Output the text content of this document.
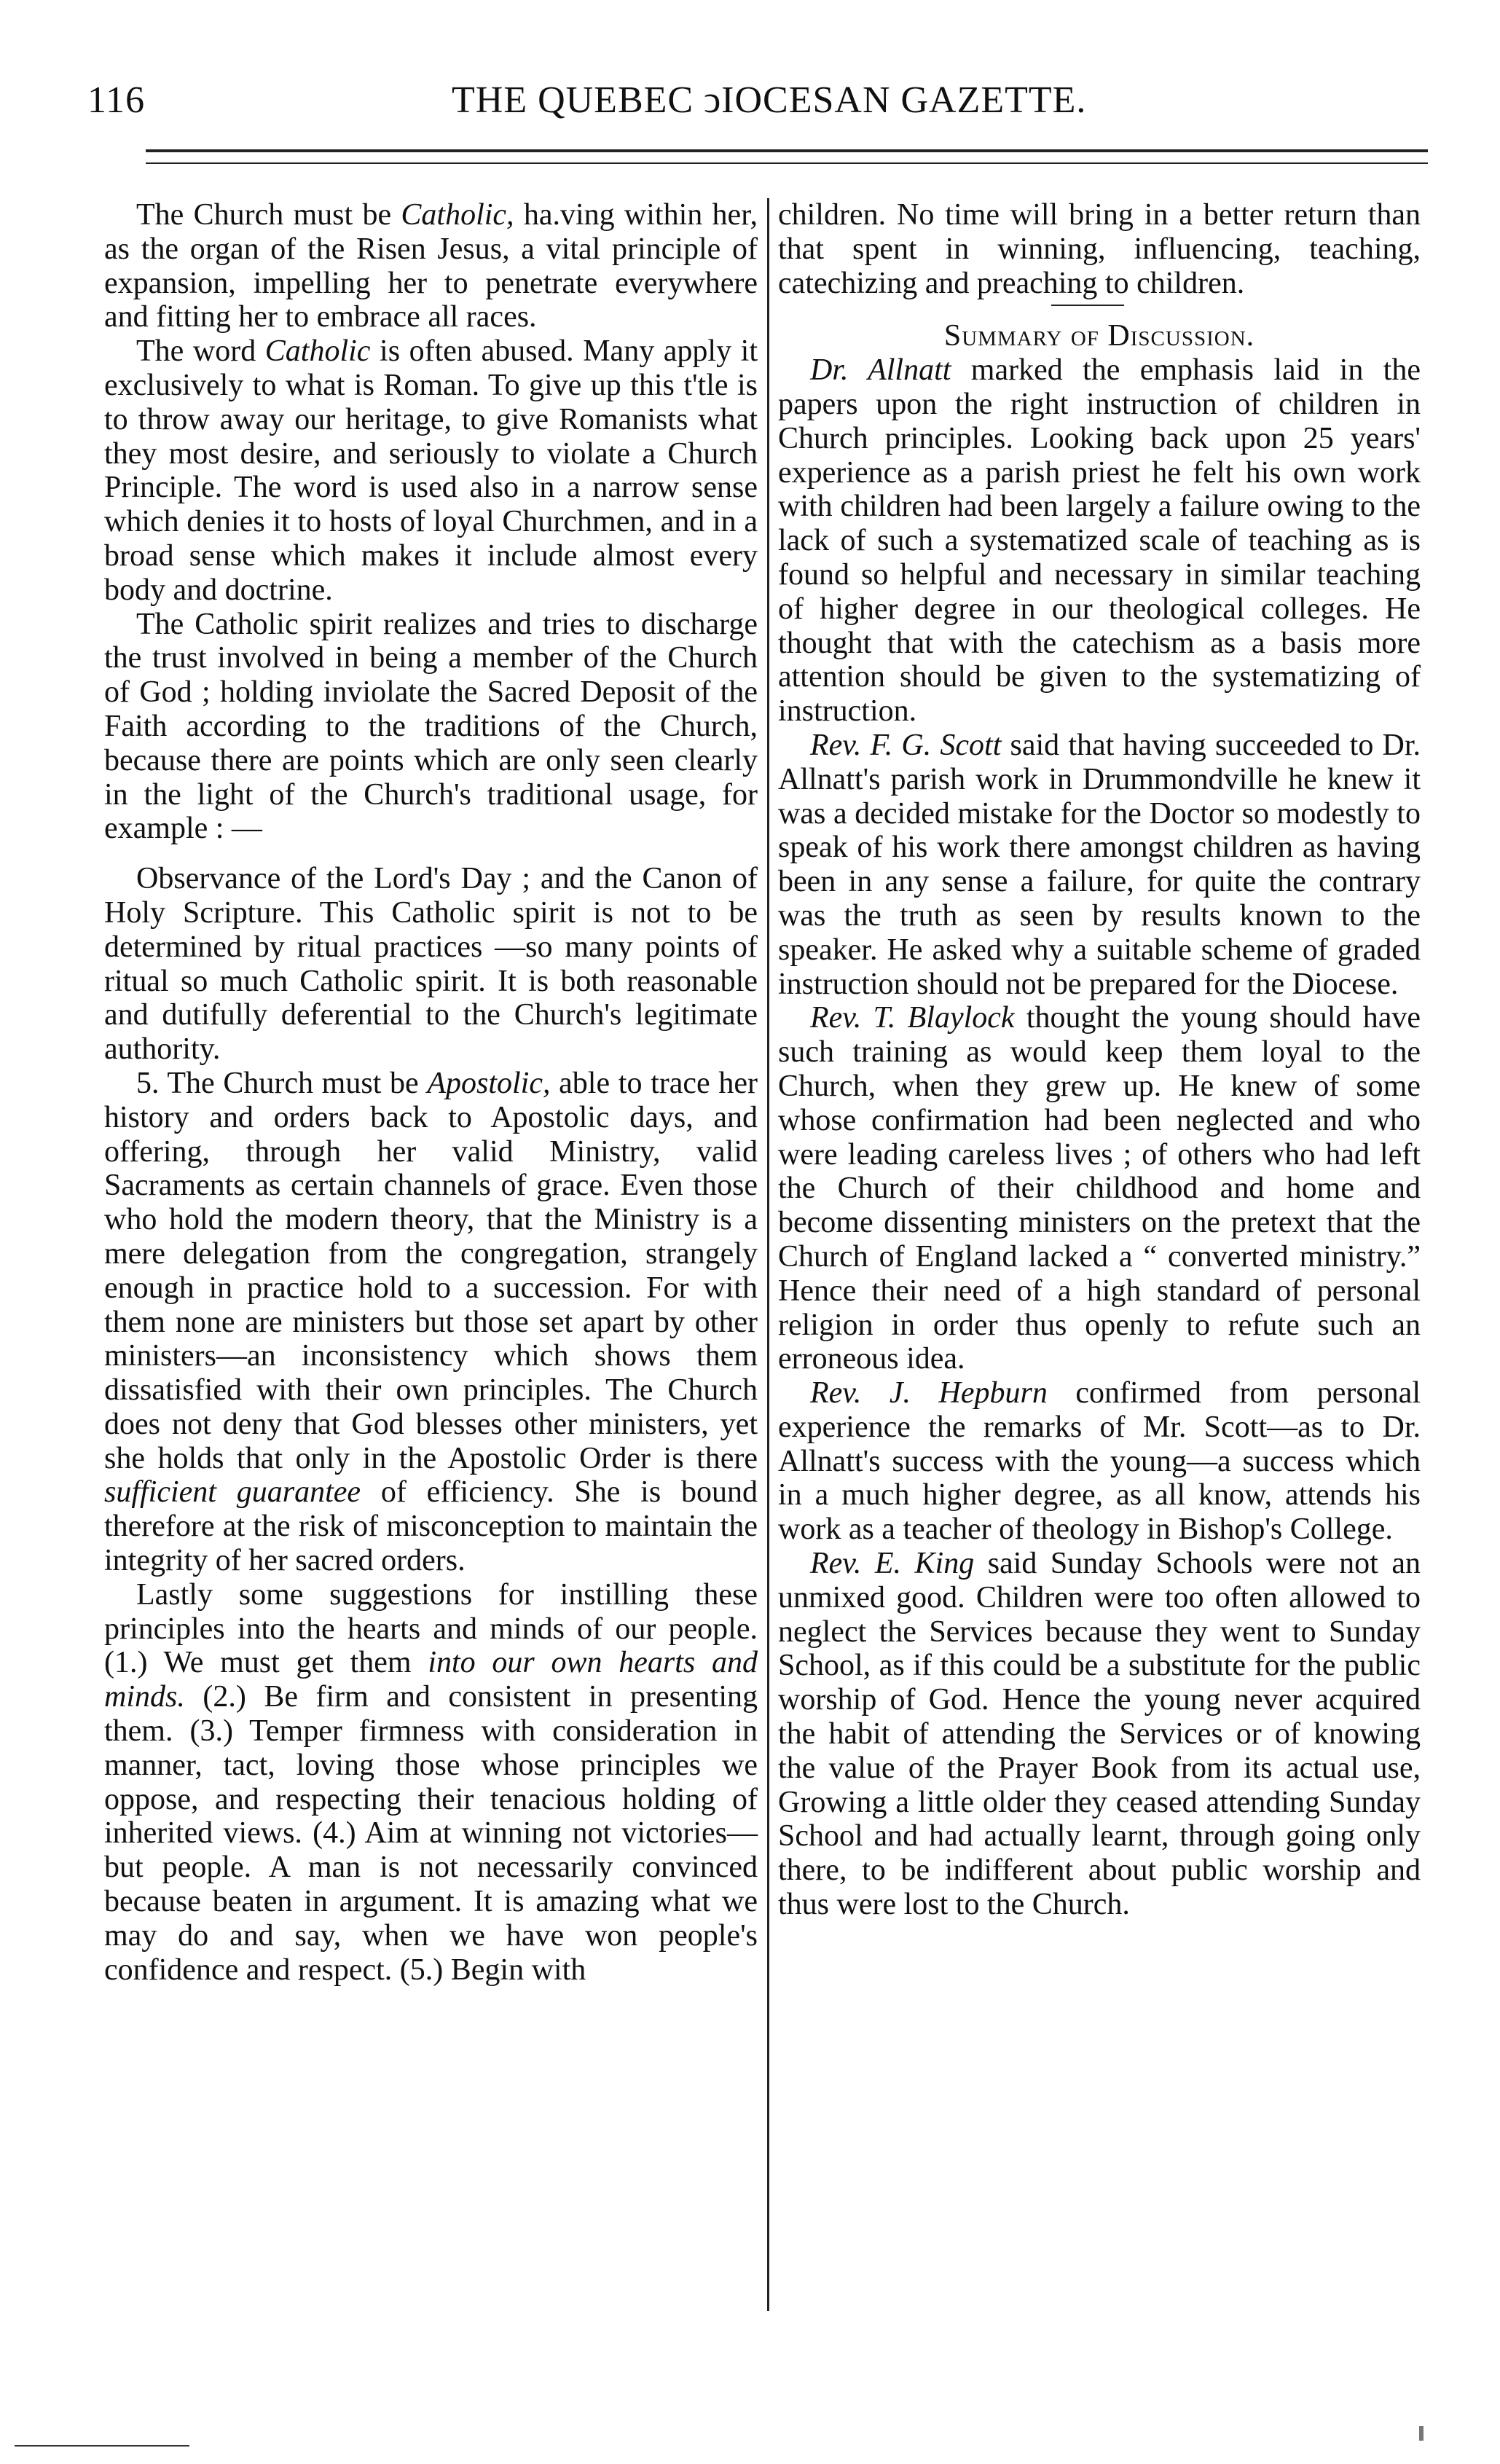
116	THE QUEBEC ↄIOCESAN GAZETTE.

The Church must be Catholic, ha.ving within her, as the organ of the Risen Jesus, a vital principle of expansion, impelling her to penetrate everywhere and fitting her to embrace all races.

The word Catholic is often abused. Many apply it exclusively to what is Roman. To give up this t'tle is to throw away our heritage, to give Romanists what they most desire, and seriously to violate a Church Principle. The word is used also in a narrow sense which denies it to hosts of loyal Churchmen, and in a broad sense which makes it include almost every body and doctrine.

The Catholic spirit realizes and tries to discharge the trust involved in being a member of the Church of God ; holding inviolate the Sacred Deposit of the Faith according to the traditions of the Church, because there are points which are only seen clearly in the light of the Church's traditional usage, for example : —

Observance of the Lord's Day ; and the Canon of Holy Scripture. This Catholic spirit is not to be determined by ritual practices —so many points of ritual so much Catholic spirit. It is both reasonable and dutifully deferential to the Church's legitimate authority.

5. The Church must be Apostolic, able to trace her history and orders back to Apostolic days, and offering, through her valid Ministry, valid Sacraments as certain channels of grace. Even those who hold the modern theory, that the Ministry is a mere delegation from the congregation, strangely enough in practice hold to a succession. For with them none are ministers but those set apart by other ministers—an inconsistency which shows them dissatisfied with their own principles. The Church does not deny that God blesses other ministers, yet she holds that only in the Apostolic Order is there sufficient guarantee of efficiency. She is bound therefore at the risk of misconception to maintain the integrity of her sacred orders.

Lastly some suggestions for instilling these principles into the hearts and minds of our people. (1.) We must get them into our own hearts and minds. (2.) Be firm and consistent in presenting them. (3.) Temper firmness with consideration in manner, tact, loving those whose principles we oppose, and respecting their tenacious holding of inherited views. (4.) Aim at winning not victories—but people. A man is not necessarily convinced because beaten in argument. It is amazing what we may do and say, when we have won people's confidence and respect. (5.) Begin with

children. No time will bring in a better return than that spent in winning, influencing, teaching, catechizing and preaching to children.

Summary of Discussion.

Dr. Allnatt marked the emphasis laid in the papers upon the right instruction of children in Church principles. Looking back upon 25 years' experience as a parish priest he felt his own work with children had been largely a failure owing to the lack of such a systematized scale of teaching as is found so helpful and necessary in similar teaching of higher degree in our theological colleges. He thought that with the catechism as a basis more attention should be given to the systematizing of instruction.

Rev. F. G. Scott said that having succeeded to Dr. Allnatt's parish work in Drummondville he knew it was a decided mistake for the Doctor so modestly to speak of his work there amongst children as having been in any sense a failure, for quite the contrary was the truth as seen by results known to the speaker. He asked why a suitable scheme of graded instruction should not be prepared for the Diocese.

Rev. T. Blaylock thought the young should have such training as would keep them loyal to the Church, when they grew up. He knew of some whose confirmation had been neglected and who were leading careless lives ; of others who had left the Church of their childhood and home and become dissenting ministers on the pretext that the Church of England lacked a “ converted ministry.” Hence their need of a high standard of personal religion in order thus openly to refute such an erroneous idea.

Rev. J. Hepburn confirmed from personal experience the remarks of Mr. Scott—as to Dr. Allnatt's success with the young—a success which in a much higher degree, as all know, attends his work as a teacher of theology in Bishop's College.

Rev. E. King said Sunday Schools were not an unmixed good. Children were too often allowed to neglect the Services because they went to Sunday School, as if this could be a substitute for the public worship of God. Hence the young never acquired the habit of attending the Services or of knowing the value of the Prayer Book from its actual use, Growing a little older they ceased attending Sunday School and had actually learnt, through going only there, to be indifferent about public worship and thus were lost to the Church.
